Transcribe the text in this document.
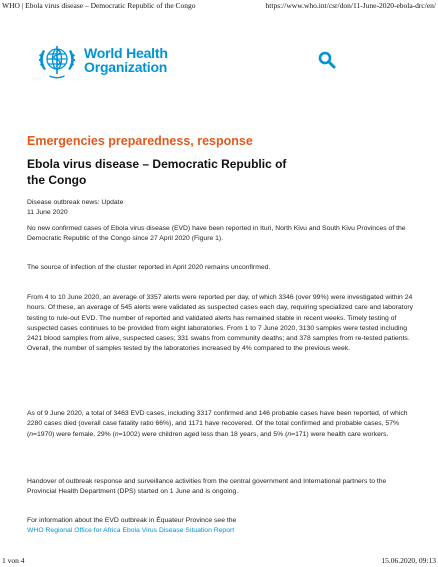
WHO | Ebola virus disease – Democratic Republic of the Congo	https://www.who.int/csr/don/11-June-2020-ebola-drc/en/
World Health
Organization
Emergencies preparedness, response
Ebola virus disease – Democratic Republic of the Congo
Disease outbreak news: Update
11 June 2020

No new confirmed cases of Ebola virus disease (EVD) have been reported in Ituri, North Kivu and South Kivu Provinces of the Democratic Republic of the Congo since 27 April 2020 (Figure 1).

The source of infection of the cluster reported in April 2020 remains unconfirmed.

From 4 to 10 June 2020, an average of 3357 alerts were reported per day, of which 3346 (over 99%) were investigated within 24 hours. Of these, an average of 545 alerts were validated as suspected cases each day, requiring specialized care and laboratory testing to rule-out EVD. The number of reported and validated alerts has remained stable in recent weeks. Timely testing of suspected cases continues to be provided from eight laboratories. From 1 to 7 June 2020, 3130 samples were tested including 2421 blood samples from alive, suspected cases; 331 swabs from community deaths; and 378 samples from re-tested patients. Overall, the number of samples tested by the laboratories increased by 4% compared to the previous week.

As of 9 June 2020, a total of 3463 EVD cases, including 3317 confirmed and 146 probable cases have been reported, of which 2280 cases died (overall case fatality ratio 66%), and 1171 have recovered. Of the total confirmed and probable cases, 57% (n=1970) were female, 29% (n=1002) were children aged less than 18 years, and 5% (n=171) were health care workers.

Handover of outbreak response and surveillance activities from the central government and International partners to the Provincial Health Department (DPS) started on 1 June and is ongoing.

For information about the EVD outbreak in Équateur Province see the
WHO Regional Office for Africa Ebola Virus Disease Situation Report

1 von 4	15.06.2020, 09:13
